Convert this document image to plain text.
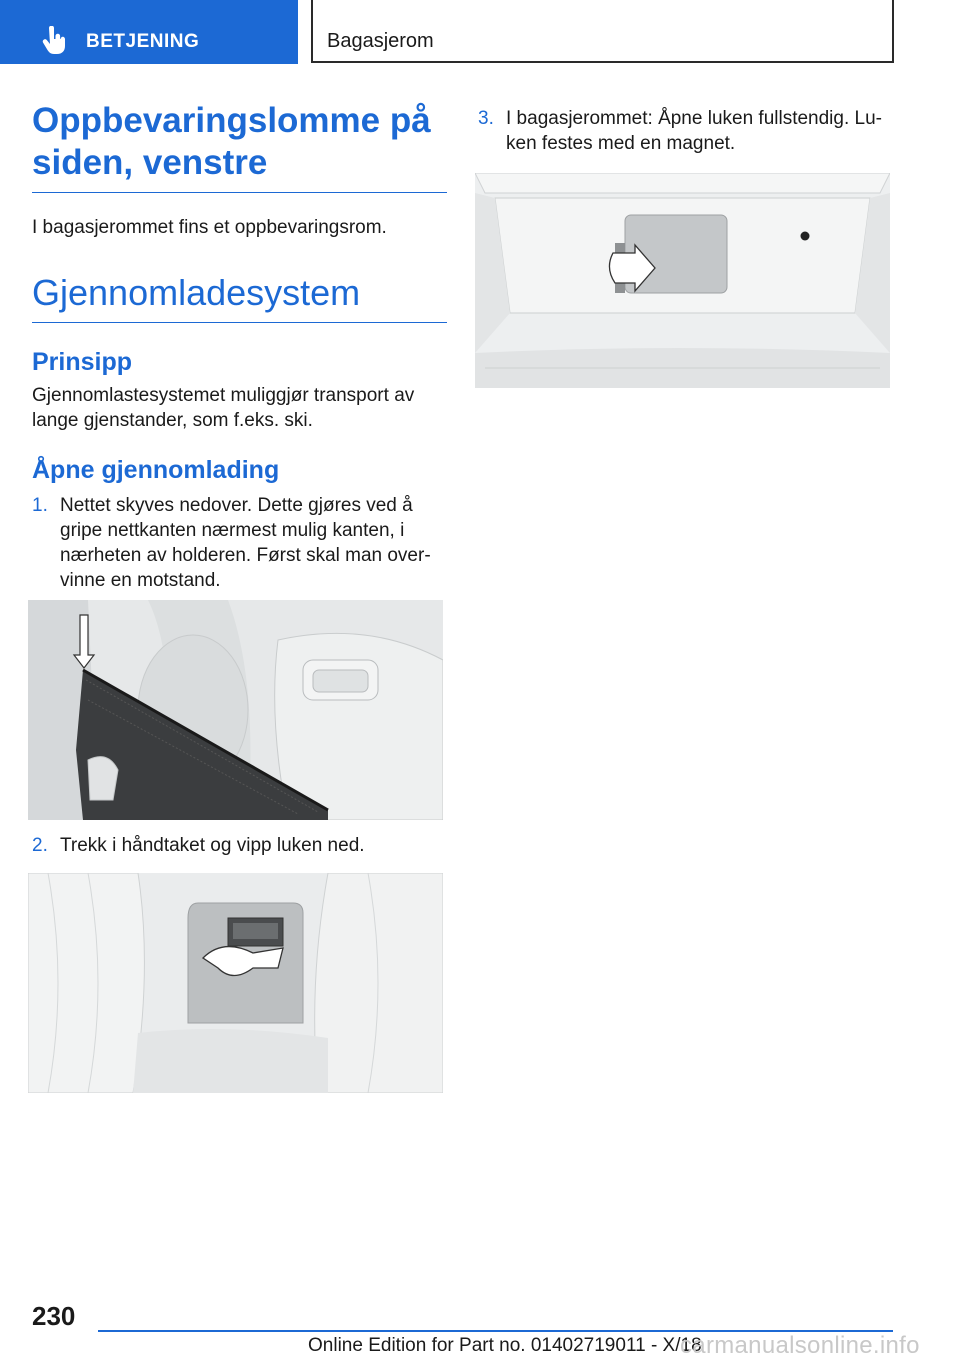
BETJENING	Bagasjerom
Oppbevaringslomme på siden, venstre

I bagasjerommet fins et oppbevaringsrom.

Gjennomladesystem
Prinsipp

Gjennomlastesystemet muliggjør transport av lange gjenstander, som f.eks. ski.

Åpne gjennomlading
1. Nettet skyves nedover. Dette gjøres ved å gripe nettkanten nærmest mulig kanten, i nærheten av holderen. Først skal man overvinne en motstand.
2. Trekk i håndtaket og vipp luken ned.
3. I bagasjerommet: Åpne luken fullstendig. Luken festes med en magnet.
230
Online Edition for Part no. 01402719011 - X/18
carmanualsonline.info
